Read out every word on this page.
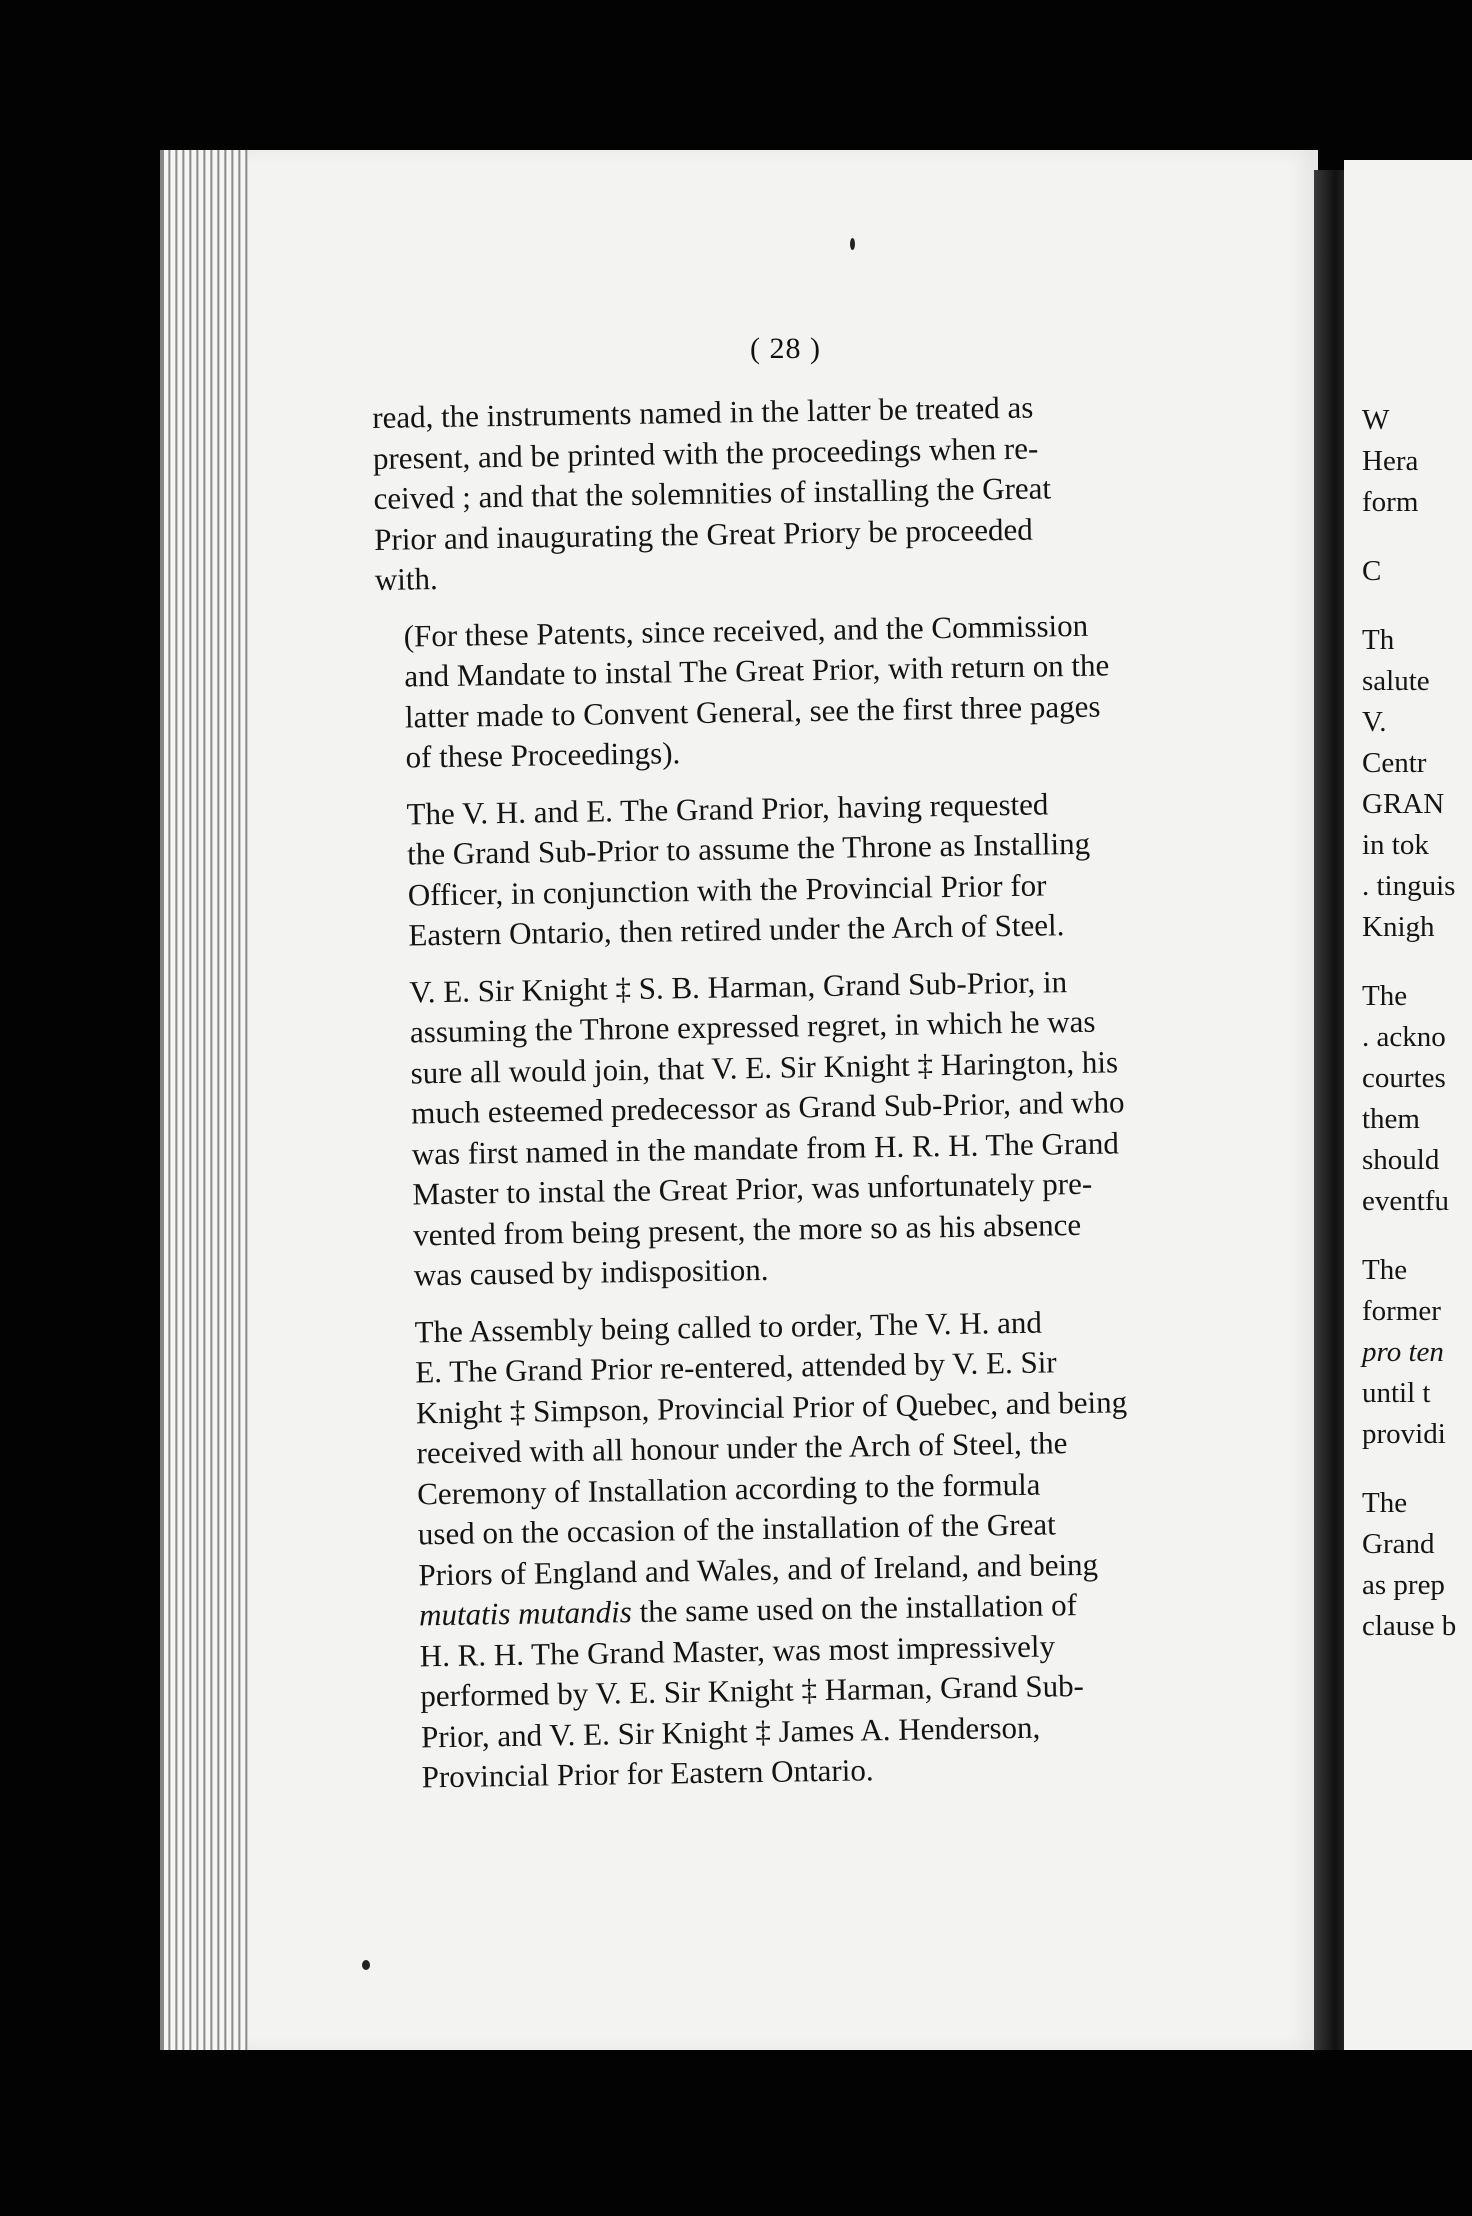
W
Hera
form
C
Th
salute
V.
Centr
GRAN
in tok
. tinguis
Knigh
The
. ackno
courtes
them
should
eventfu
The
former
pro ten
until t
providi
The
Grand
as prep
clause b
( 28 )
read, the instruments named in the latter be treated as
present, and be printed with the proceedings when re-
ceived ; and that the solemnities of installing the Great
Prior and inaugurating the Great Priory be proceeded
with.
(For these Patents, since received, and the Commission
and Mandate to instal The Great Prior, with return on the
latter made to Convent General, see the first three pages
of these Proceedings).
The V. H. and E. The Grand Prior, having requested
the Grand Sub-Prior to assume the Throne as Installing
Officer, in conjunction with the Provincial Prior for
Eastern Ontario, then retired under the Arch of Steel.
V. E. Sir Knight ‡ S. B. Harman, Grand Sub-Prior, in
assuming the Throne expressed regret, in which he was
sure all would join, that V. E. Sir Knight ‡ Harington, his
much esteemed predecessor as Grand Sub-Prior, and who
was first named in the mandate from H. R. H. The Grand
Master to instal the Great Prior, was unfortunately pre-
vented from being present, the more so as his absence
was caused by indisposition.
The Assembly being called to order, The V. H. and
E. The Grand Prior re-entered, attended by V. E. Sir
Knight ‡ Simpson, Provincial Prior of Quebec, and being
received with all honour under the Arch of Steel, the
Ceremony of Installation according to the formula
used on the occasion of the installation of the Great
Priors of England and Wales, and of Ireland, and being
mutatis mutandis the same used on the installation of
H. R. H. The Grand Master, was most impressively
performed by V. E. Sir Knight ‡ Harman, Grand Sub-
Prior, and V. E. Sir Knight ‡ James A. Henderson,
Provincial Prior for Eastern Ontario.
